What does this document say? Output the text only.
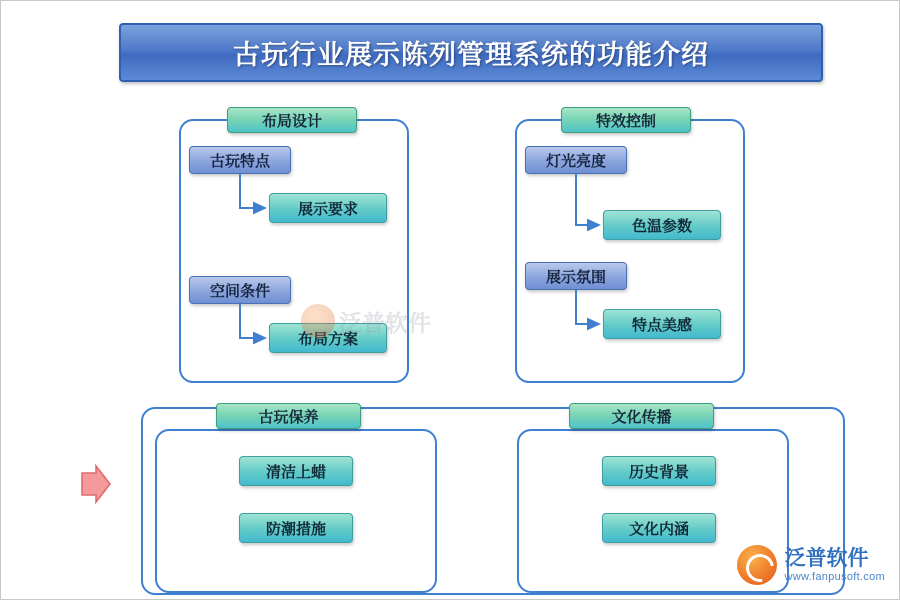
古玩行业展示陈列管理系统的功能介绍
布局设计
古玩特点
展示要求
空间条件
布局方案
特效控制
灯光亮度
色温参数
展示氛围
特点美感
古玩保养
清洁上蜡
防潮措施
文化传播
历史背景
文化内涵
泛普软件
泛普软件
www.fanpusoft.com
